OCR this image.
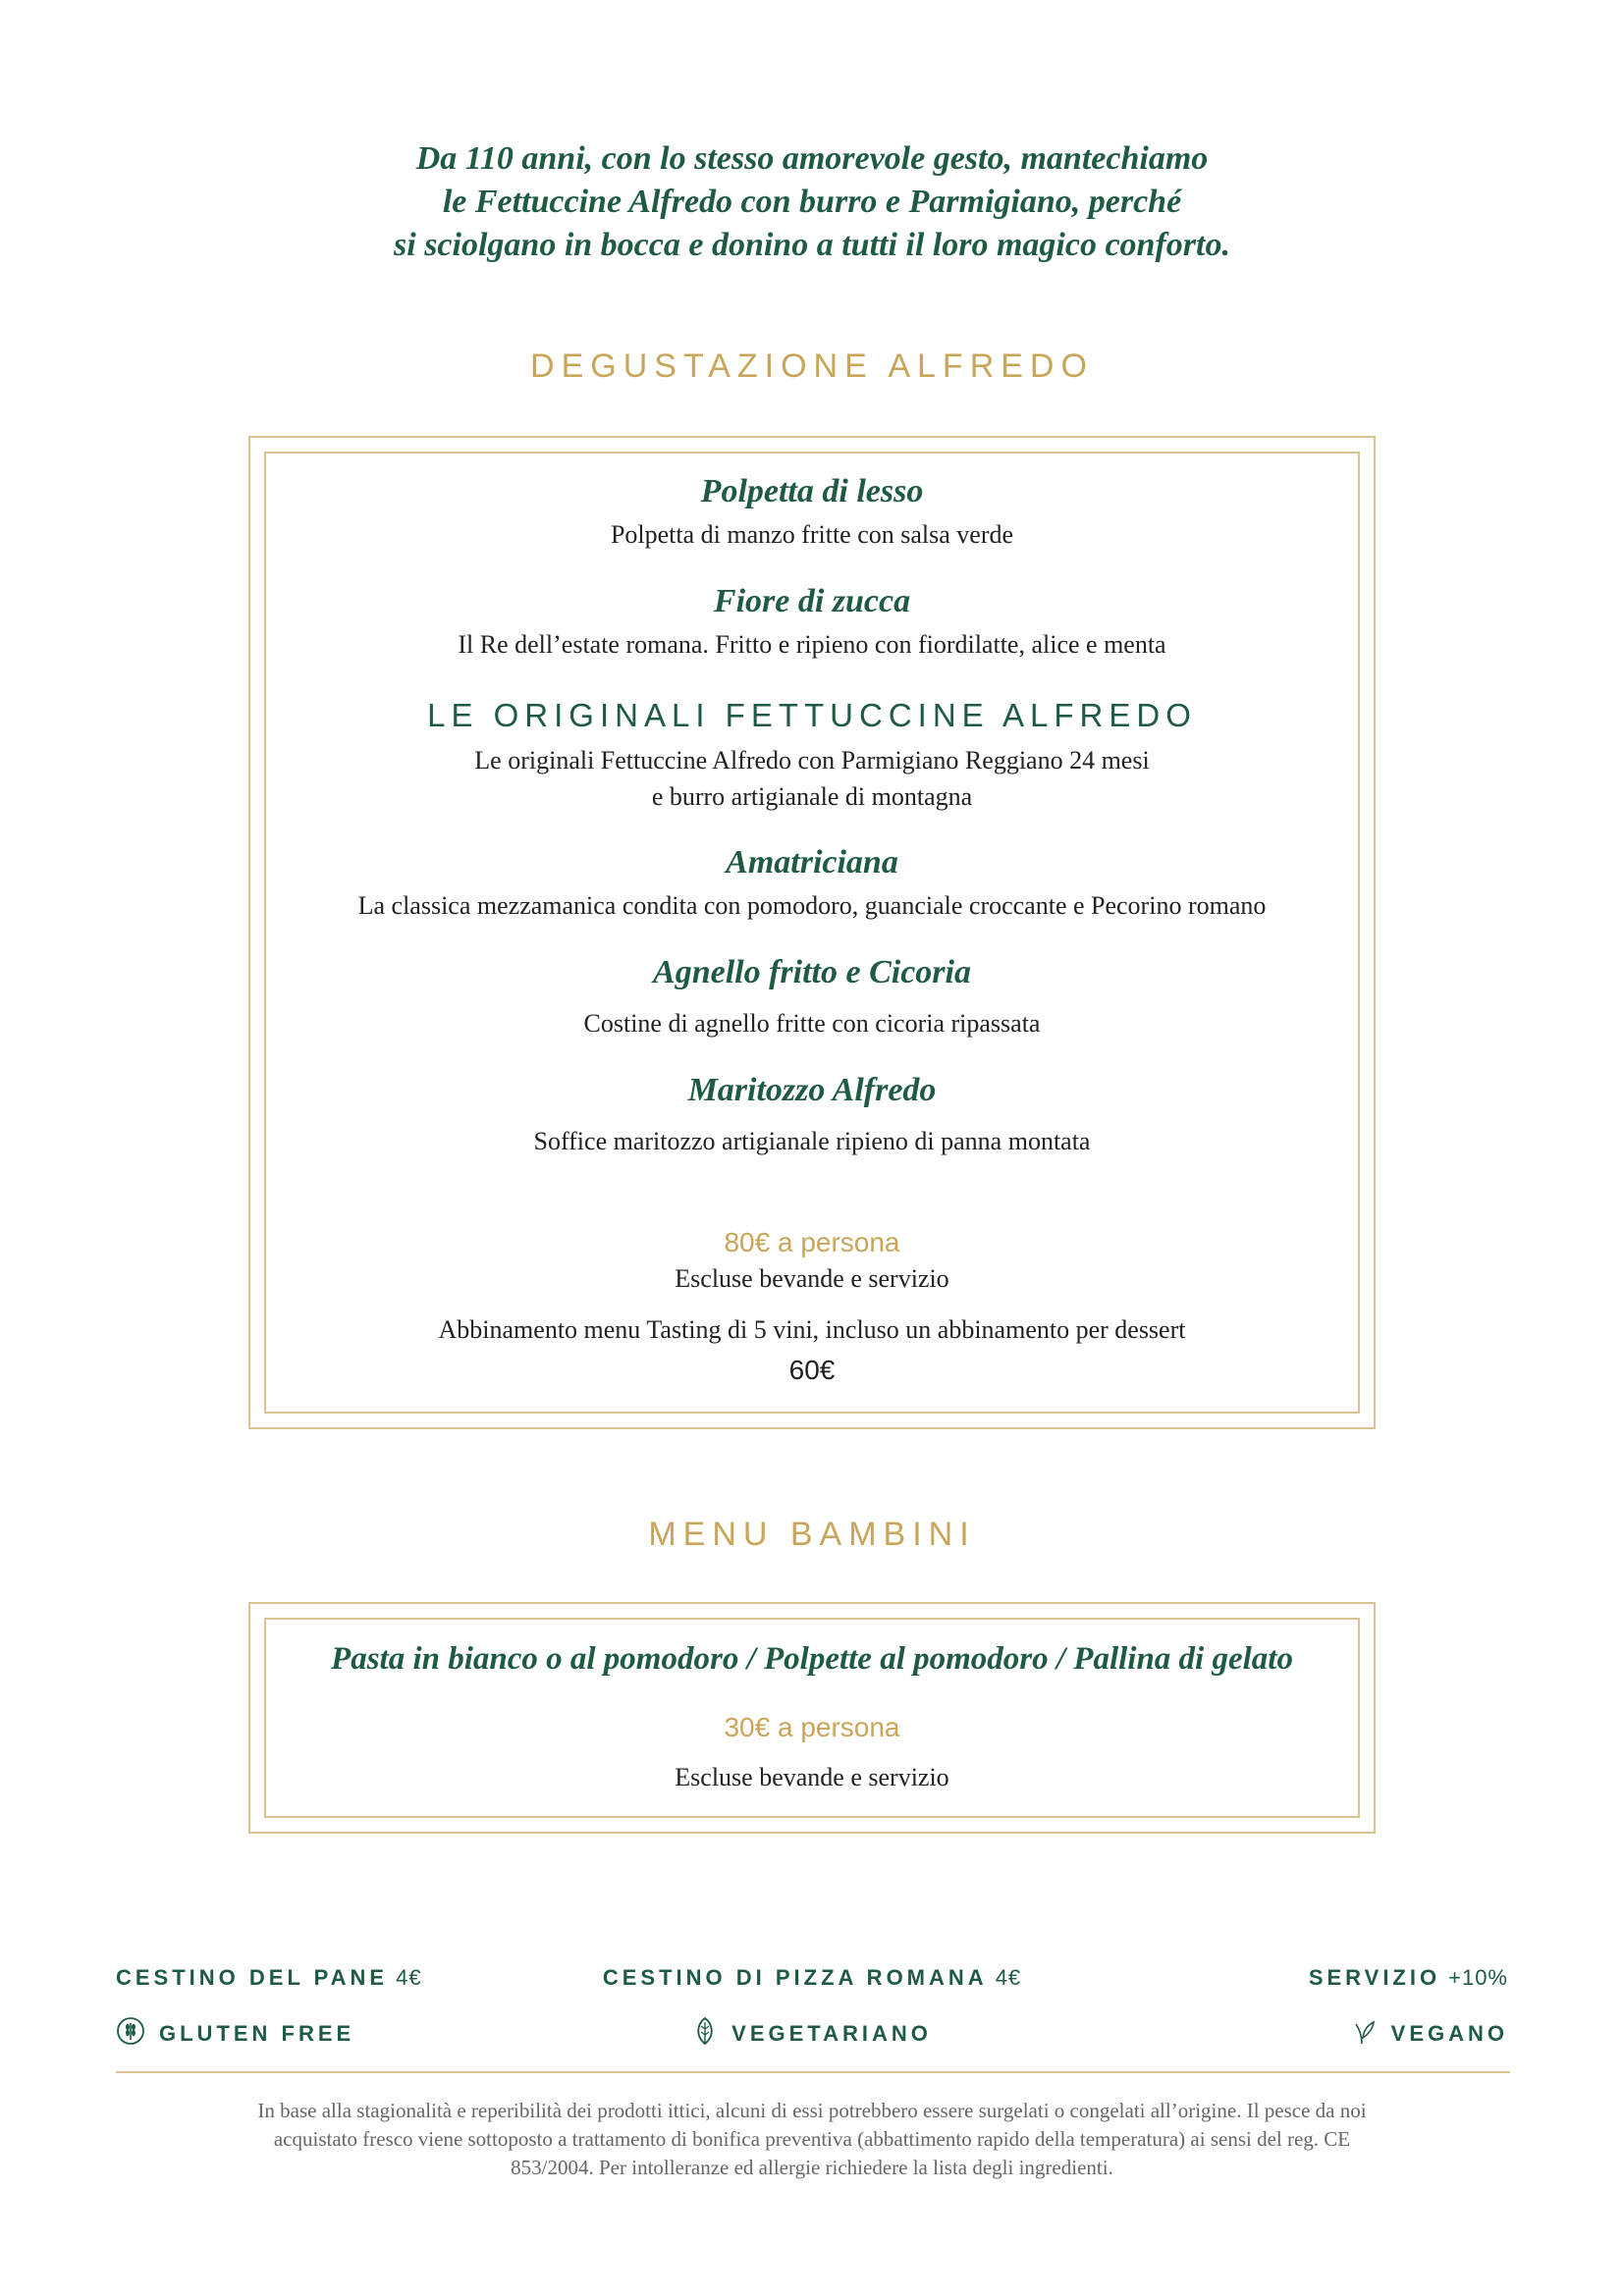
Da 110 anni, con lo stesso amorevole gesto, mantechiamo
le Fettuccine Alfredo con burro e Parmigiano, perché
si sciolgano in bocca e donino a tutti il loro magico conforto.
DEGUSTAZIONE ALFREDO
Polpetta di lesso
Polpetta di manzo fritte con salsa verde
Fiore di zucca
Il Re dell’estate romana. Fritto e ripieno con fiordilatte, alice e menta
LE ORIGINALI FETTUCCINE ALFREDO
Le originali Fettuccine Alfredo con Parmigiano Reggiano 24 mesi
e burro artigianale di montagna
Amatriciana
La classica mezzamanica condita con pomodoro, guanciale croccante e Pecorino romano
Agnello fritto e Cicoria
Costine di agnello fritte con cicoria ripassata
Maritozzo Alfredo
Soffice maritozzo artigianale ripieno di panna montata
80€ a persona
Escluse bevande e servizio
Abbinamento menu Tasting di 5 vini, incluso un abbinamento per dessert
60€
MENU BAMBINI
Pasta in bianco o al pomodoro / Polpette al pomodoro / Pallina di gelato
30€ a persona
Escluse bevande e servizio
CESTINO DEL PANE 4€	CESTINO DI PIZZA ROMANA 4€	SERVIZIO +10%
GLUTEN FREE	VEGETARIANO	VEGANO
In base alla stagionalità e reperibilità dei prodotti ittici, alcuni di essi potrebbero essere surgelati o congelati all’origine. Il pesce da noi
acquistato fresco viene sottoposto a trattamento di bonifica preventiva (abbattimento rapido della temperatura) ai sensi del reg. CE
853/2004. Per intolleranze ed allergie richiedere la lista degli ingredienti.
